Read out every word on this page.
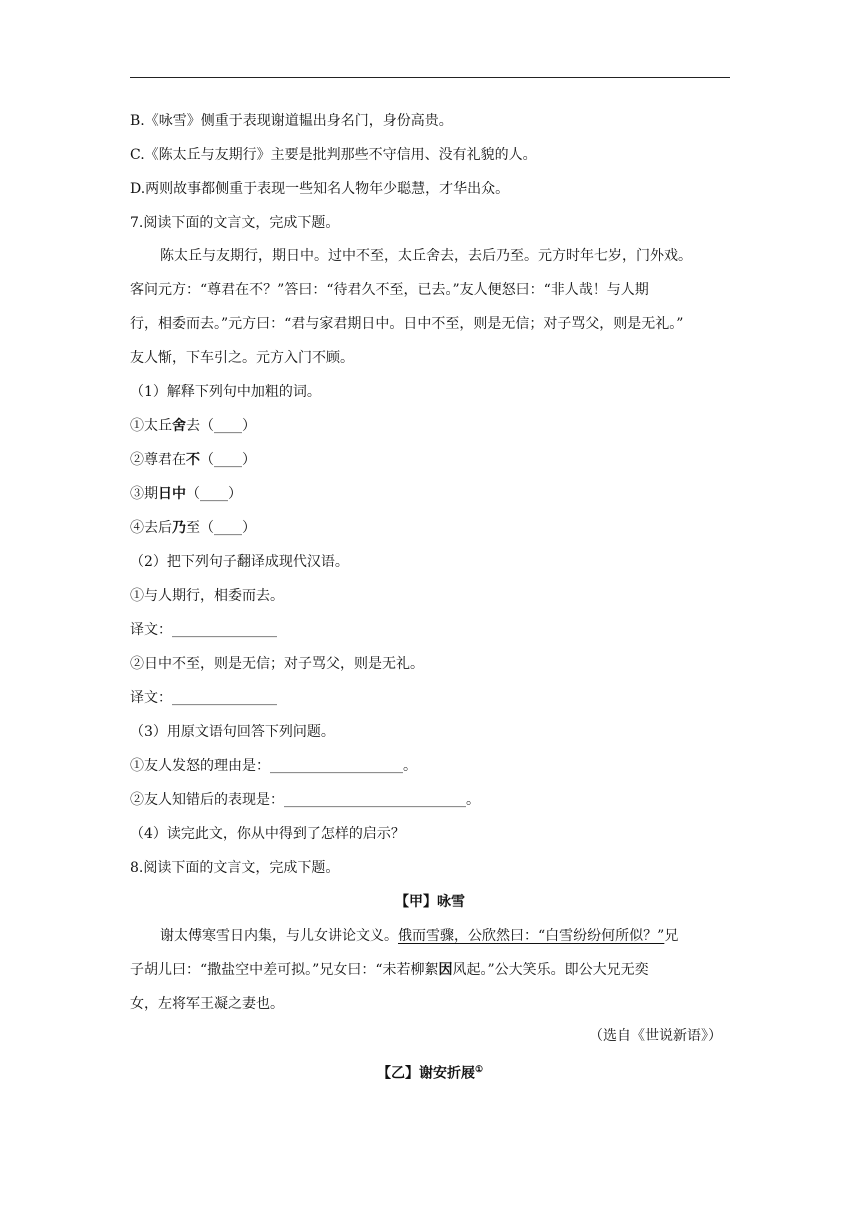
B.《咏雪》侧重于表现谢道韫出身名门，身份高贵。
C.《陈太丘与友期行》主要是批判那些不守信用、没有礼貌的人。
D.两则故事都侧重于表现一些知名人物年少聪慧，才华出众。
7.阅读下面的文言文，完成下题。
陈太丘与友期行，期日中。过中不至，太丘舍去，去后乃至。元方时年七岁，门外戏。
客问元方：“尊君在不？”答曰：“待君久不至，已去。”友人便怒曰：“非人哉！与人期
行，相委而去。”元方曰：“君与家君期日中。日中不至，则是无信；对子骂父，则是无礼。”
友人惭，下车引之。元方入门不顾。
（1）解释下列句中加粗的词。
①太丘舍去（____）
②尊君在不（____）
③期日中（____）
④去后乃至（____）
（2）把下列句子翻译成现代汉语。
①与人期行，相委而去。
译文：_______________
②日中不至，则是无信；对子骂父，则是无礼。
译文：_______________
（3）用原文语句回答下列问题。
①友人发怒的理由是：___________________。
②友人知错后的表现是：__________________________。
（4）读完此文，你从中得到了怎样的启示？
8.阅读下面的文言文，完成下题。
【甲】咏雪
谢太傅寒雪日内集，与儿女讲论文义。俄而雪骤，公欣然曰：“白雪纷纷何所似？”兄
子胡儿曰：“撒盐空中差可拟。”兄女曰：“未若柳絮因风起。”公大笑乐。即公大兄无奕
女，左将军王凝之妻也。
（选自《世说新语》）
【乙】谢安折屐①
